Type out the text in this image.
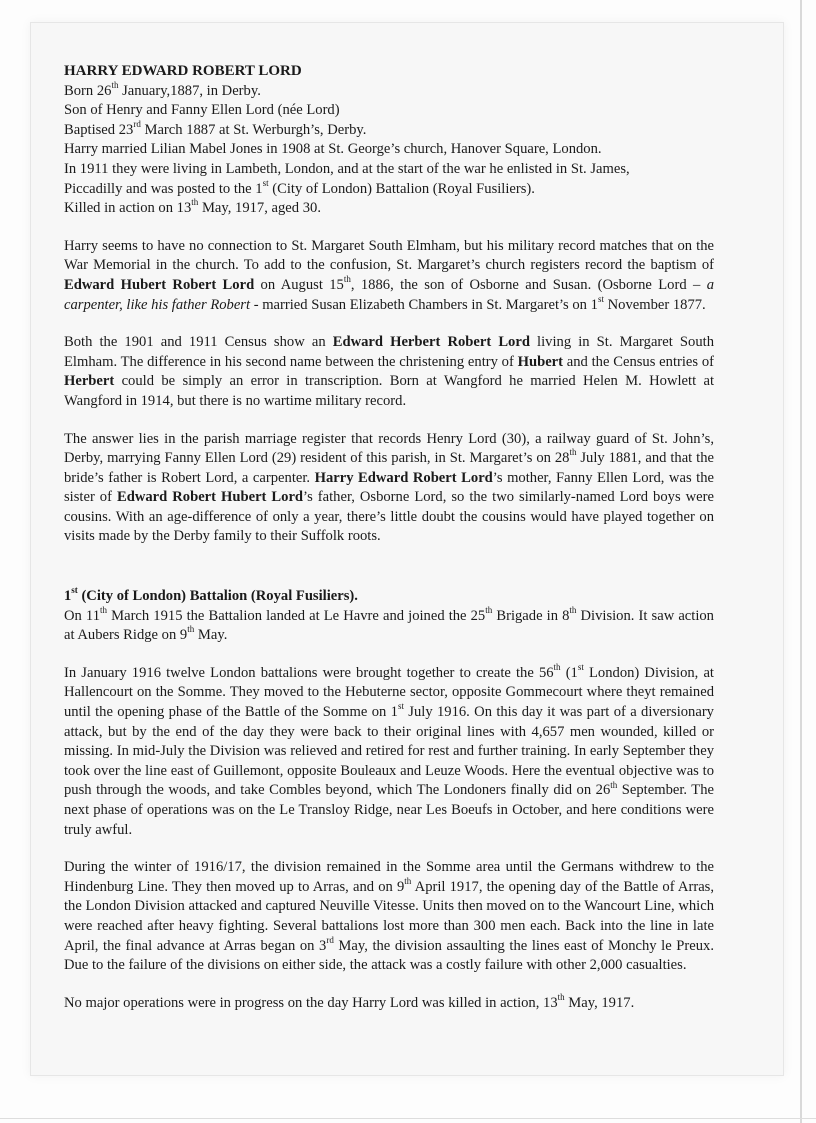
HARRY EDWARD ROBERT LORD
Born 26th January,1887, in Derby.
Son of Henry and Fanny Ellen Lord (née Lord)
Baptised 23rd March 1887 at St. Werburgh’s, Derby.
Harry married Lilian Mabel Jones in 1908 at St. George’s church, Hanover Square, London.
In 1911 they were living in Lambeth, London, and at the start of the war he enlisted in St. James,
Piccadilly and was posted to the 1st (City of London) Battalion (Royal Fusiliers).
Killed in action on 13th May, 1917, aged 30.

Harry seems to have no connection to St. Margaret South Elmham, but his military record matches that on the War Memorial in the church. To add to the confusion, St. Margaret’s church registers record the baptism of Edward Hubert Robert Lord on August 15th, 1886, the son of Osborne and Susan. (Osborne Lord – a carpenter, like his father Robert - married Susan Elizabeth Chambers in St. Margaret’s on 1st November 1877.

Both the 1901 and 1911 Census show an Edward Herbert Robert Lord living in St. Margaret South Elmham. The difference in his second name between the christening entry of Hubert and the Census entries of Herbert could be simply an error in transcription. Born at Wangford he married Helen M. Howlett at Wangford in 1914, but there is no wartime military record.

The answer lies in the parish marriage register that records Henry Lord (30), a railway guard of St. John’s, Derby, marrying Fanny Ellen Lord (29) resident of this parish, in St. Margaret’s on 28th July 1881, and that the bride’s father is Robert Lord, a carpenter. Harry Edward Robert Lord’s mother, Fanny Ellen Lord, was the sister of Edward Robert Hubert Lord’s father, Osborne Lord, so the two similarly-named Lord boys were cousins. With an age-difference of only a year, there’s little doubt the cousins would have played together on visits made by the Derby family to their Suffolk roots.

1st (City of London) Battalion (Royal Fusiliers).
On 11th March 1915 the Battalion landed at Le Havre and joined the 25th Brigade in 8th Division. It saw action at Aubers Ridge on 9th May.

In January 1916 twelve London battalions were brought together to create the 56th (1st London) Division, at Hallencourt on the Somme. They moved to the Hebuterne sector, opposite Gommecourt where theyt remained until the opening phase of the Battle of the Somme on 1st July 1916. On this day it was part of a diversionary attack, but by the end of the day they were back to their original lines with 4,657 men wounded, killed or missing. In mid-July the Division was relieved and retired for rest and further training. In early September they took over the line east of Guillemont, opposite Bouleaux and Leuze Woods. Here the eventual objective was to push through the woods, and take Combles beyond, which The Londoners finally did on 26th September. The next phase of operations was on the Le Transloy Ridge, near Les Boeufs in October, and here conditions were truly awful.

During the winter of 1916/17, the division remained in the Somme area until the Germans withdrew to the Hindenburg Line. They then moved up to Arras, and on 9th April 1917, the opening day of the Battle of Arras, the London Division attacked and captured Neuville Vitesse. Units then moved on to the Wancourt Line, which were reached after heavy fighting. Several battalions lost more than 300 men each. Back into the line in late April, the final advance at Arras began on 3rd May, the division assaulting the lines east of Monchy le Preux. Due to the failure of the divisions on either side, the attack was a costly failure with other 2,000 casualties.

No major operations were in progress on the day Harry Lord was killed in action, 13th May, 1917.
